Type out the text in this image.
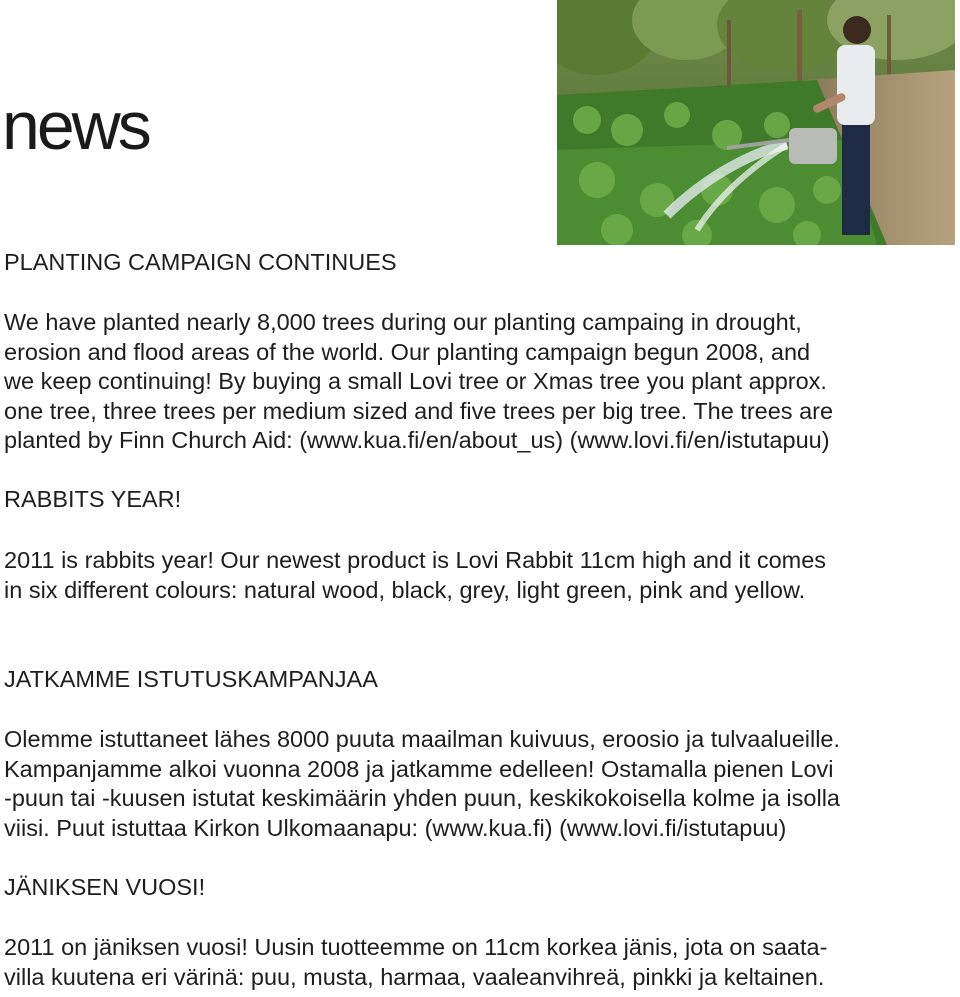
news
PLANTING CAMPAIGN CONTINUES

We have planted nearly 8,000 trees during our planting campaing in drought,
erosion and flood areas of the world. Our planting campaign begun 2008, and
we keep continuing! By buying a small Lovi tree or Xmas tree you plant approx.
one tree, three trees per medium sized and five trees per big tree. The trees are
planted by Finn Church Aid: (www.kua.fi/en/about_us) (www.lovi.fi/en/istutapuu)

RABBITS YEAR!

2011 is rabbits year! Our newest product is Lovi Rabbit 11cm high and it comes
in six different colours: natural wood, black, grey, light green, pink and yellow.

JATKAMME ISTUTUSKAMPANJAA

Olemme istuttaneet lähes 8000 puuta maailman kuivuus, eroosio ja tulvaalueille.
Kampanjamme alkoi vuonna 2008 ja jatkamme edelleen! Ostamalla pienen Lovi
-puun tai -kuusen istutat keskimäärin yhden puun, keskikokoisella kolme ja isolla
viisi. Puut istuttaa Kirkon Ulkomaanapu: (www.kua.fi) (www.lovi.fi/istutapuu)

JÄNIKSEN VUOSI!

2011 on jäniksen vuosi! Uusin tuotteemme on 11cm korkea jänis, jota on saata-
villa kuutena eri värinä: puu, musta, harmaa, vaaleanvihreä, pinkki ja keltainen.
